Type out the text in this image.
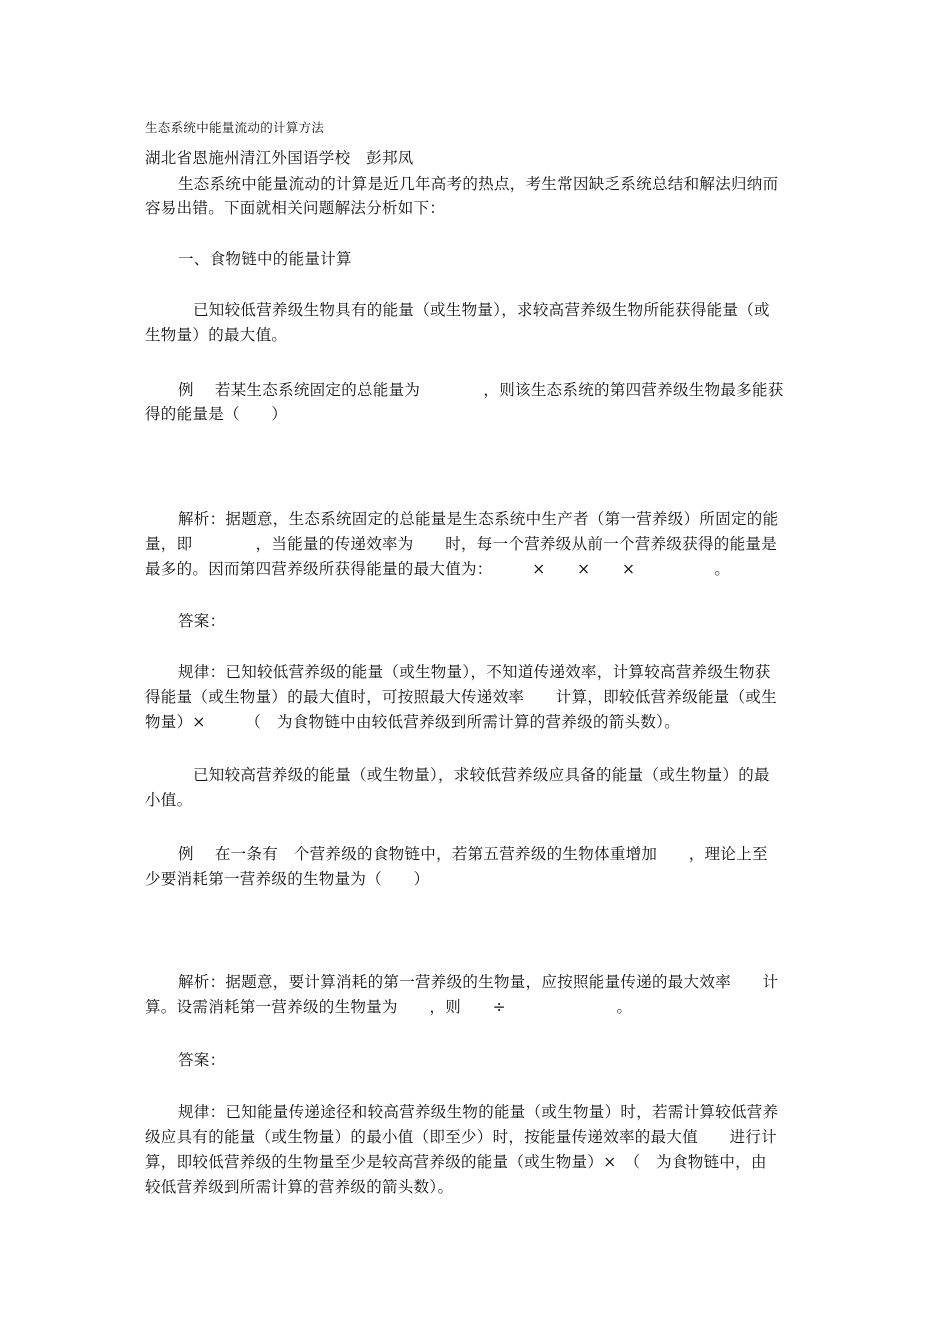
生态系统中能量流动的计算方法
湖北省恩施州清江外国语学校　彭邦凤
生态系统中能量流动的计算是近几年高考的热点，考生常因缺乏系统总结和解法归纳而
容易出错。下面就相关问题解法分析如下：
一、食物链中的能量计算
已知较低营养级生物具有的能量（或生物量），求较高营养级生物所能获得能量（或
生物量）的最大值。
例　 若某生态系统固定的总能量为　　　　，则该生态系统的第四营养级生物最多能获
得的能量是（　　）
解析：据题意，生态系统固定的总能量是生态系统中生产者（第一营养级）所固定的能
量，即　　　　，当能量的传递效率为　　时，每一个营养级从前一个营养级获得的能量是
最多的。因而第四营养级所获得能量的最大值为：　　　×　　×　　×　　　　　。
答案：
规律：已知较低营养级的能量（或生物量），不知道传递效率，计算较高营养级生物获
得能量（或生物量）的最大值时，可按照最大传递效率　　计算，即较低营养级能量（或生
物量）×　　　（　为食物链中由较低营养级到所需计算的营养级的箭头数）。
已知较高营养级的能量（或生物量），求较低营养级应具备的能量（或生物量）的最
小值。
例　 在一条有　个营养级的食物链中，若第五营养级的生物体重增加　　，理论上至
少要消耗第一营养级的生物量为（　　）
解析：据题意，要计算消耗的第一营养级的生物量，应按照能量传递的最大效率　　计
算。设需消耗第一营养级的生物量为　　，则　　÷　　　　　　　。
答案：
规律：已知能量传递途径和较高营养级生物的能量（或生物量）时，若需计算较低营养
级应具有的能量（或生物量）的最小值（即至少）时，按能量传递效率的最大值　　进行计
算，即较低营养级的生物量至少是较高营养级的能量（或生物量）×　（　为食物链中，由
较低营养级到所需计算的营养级的箭头数）。
